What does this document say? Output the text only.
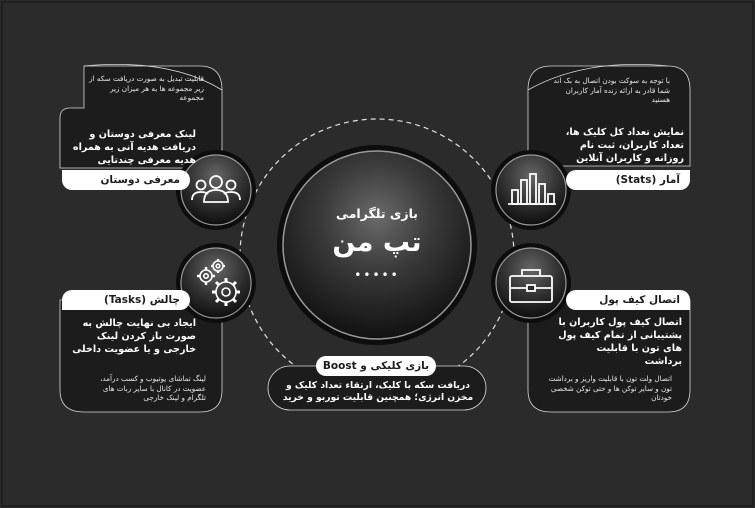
بازی تلگرامی
تپ من
•••••
قابلیت تبدیل به صورت دریافت سکه از زیر مجموعه ها به هر میزان زیر مجموعه
لینک معرفی دوستان و دریافت هدیه آنی به همراه هدیه معرفی چندتایی
معرفی دوستان
با توجه به سوکت بودن اتصال به بک اند شما قادر به ارائه زنده آمار کاربران هستید
نمایش تعداد کل کلیک ها، تعداد کاربران، ثبت نام روزانه و کاربران آنلاین
آمار (Stats)
چالش (Tasks)
ایجاد بی نهایت چالش به صورت باز کردن لینک خارجی و یا عضویت داخلی
لینگ تماشای یوتیوب و کسب درآمد، عضویت در کانال با سایر ربات های تلگرام و لینک خارجی
اتصال کیف پول
اتصال کیف پول کاربران با پشتیبانی از تمام کیف پول های تون با قابلیت برداشت
اتصال ولت تون با قابلیت واریز و برداشت تون و سایر توکن ها و حتی توکن شخصی خودتان
بازی کلیکی و Boost
دریافت سکه با کلیک، ارتقاء تعداد کلیک و مخزن انرژی؛ همچنین قابلیت توربو و خرید
